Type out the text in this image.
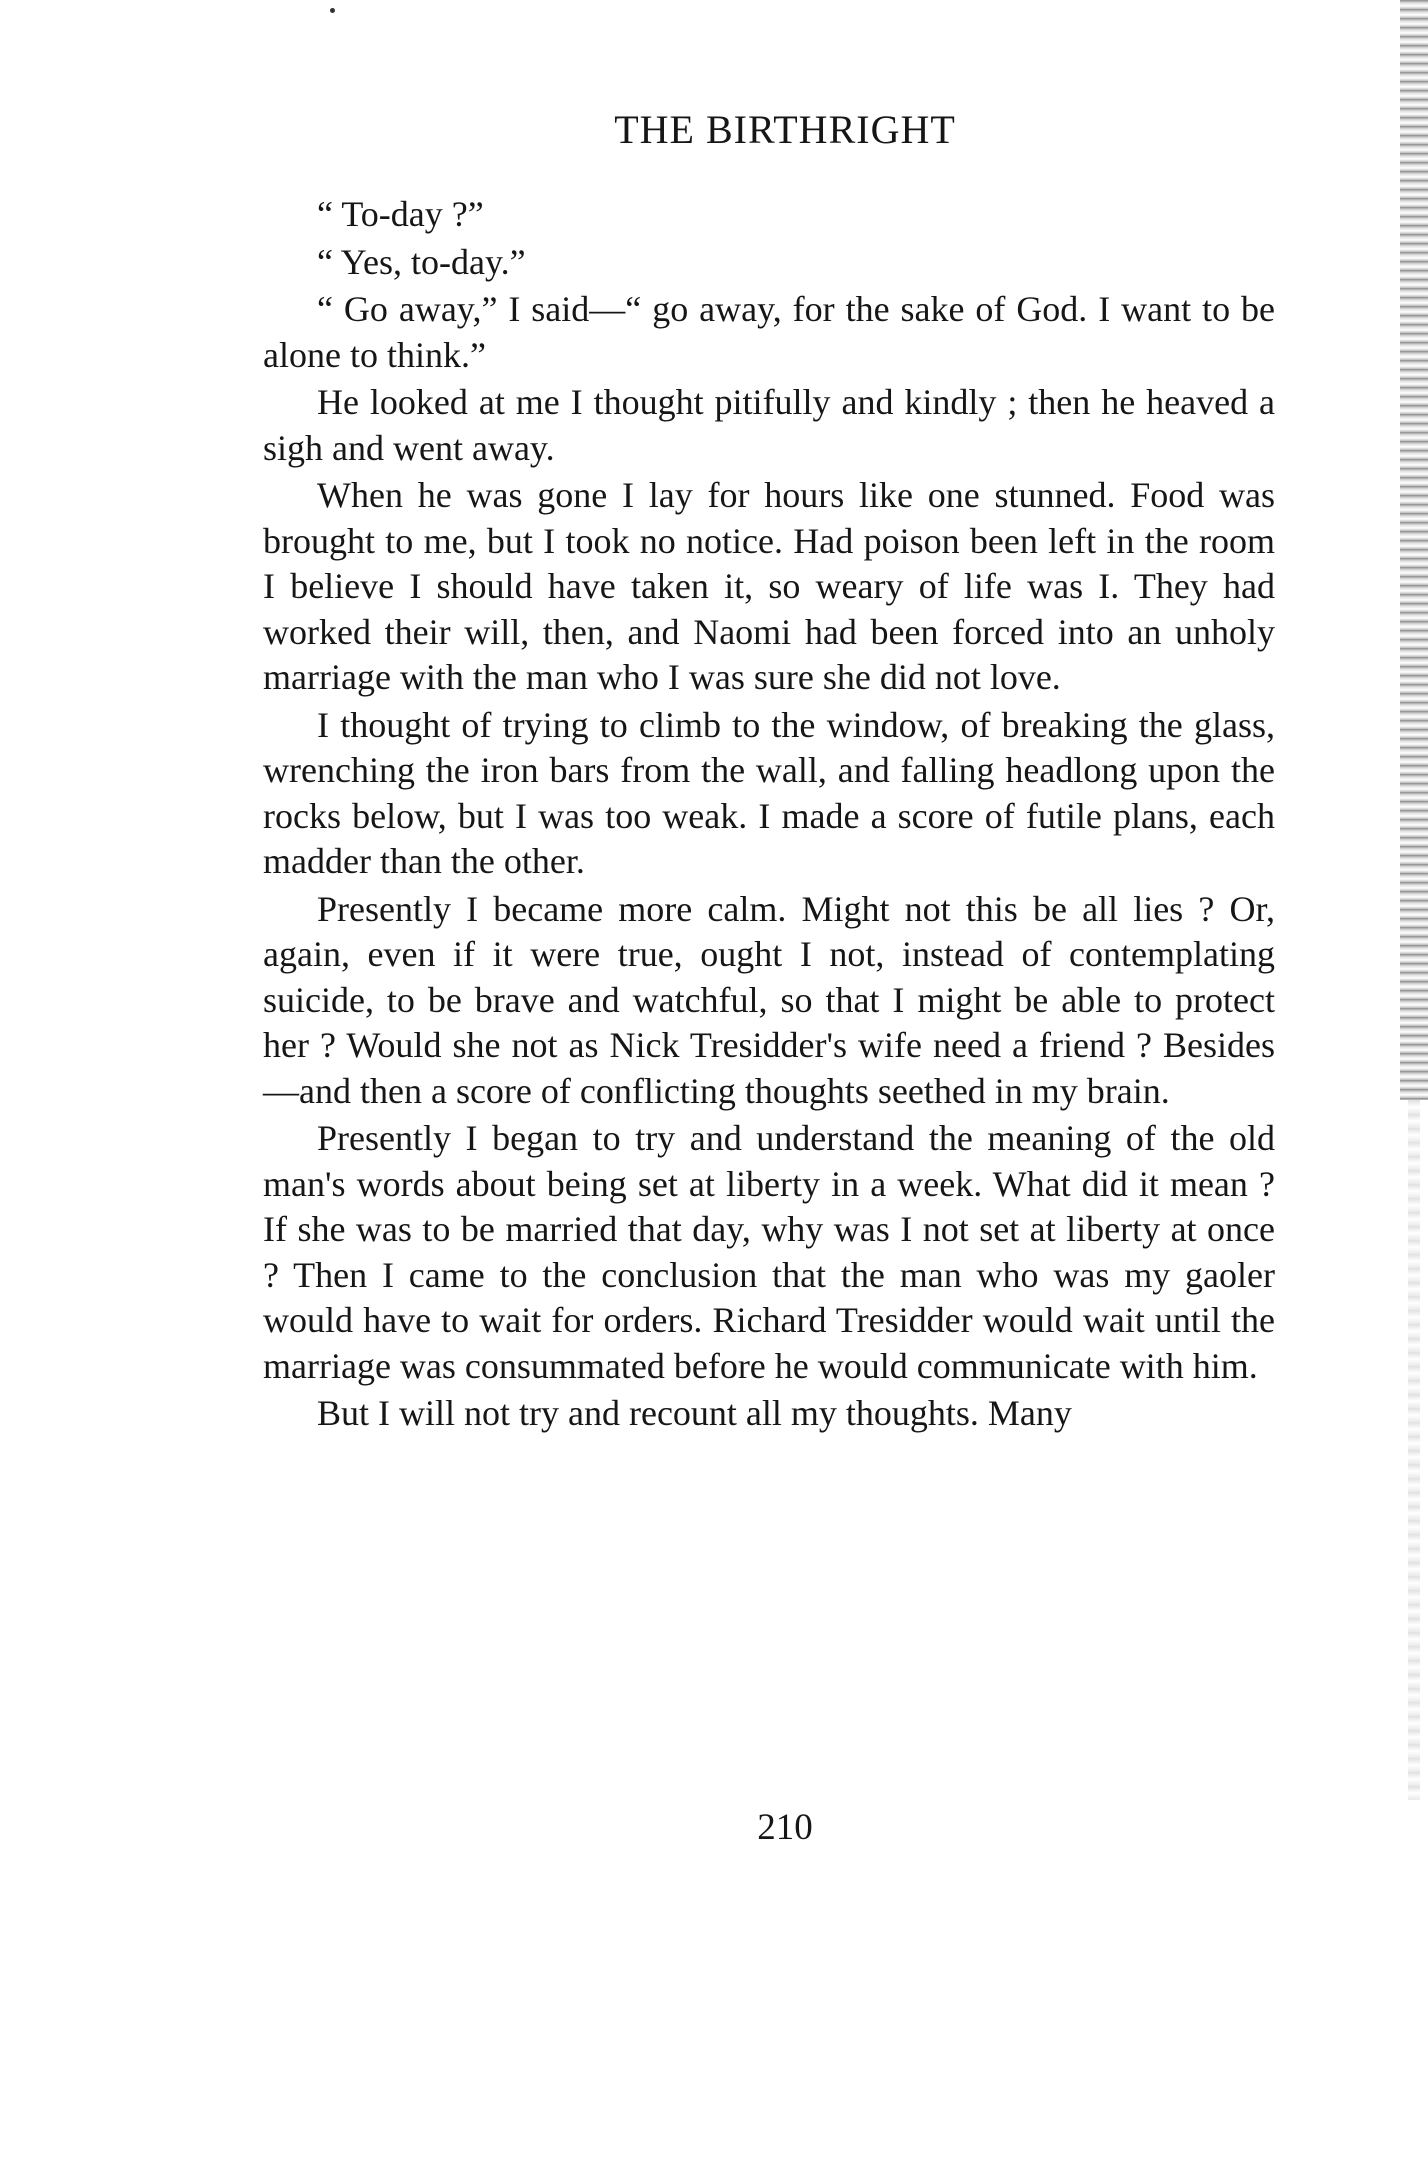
THE BIRTHRIGHT

“ To-day ?”

“ Yes, to-day.”

“ Go away,” I said—“ go away, for the sake of God. I want to be alone to think.”

He looked at me I thought pitifully and kindly ; then he heaved a sigh and went away.

When he was gone I lay for hours like one stunned. Food was brought to me, but I took no notice. Had poison been left in the room I believe I should have taken it, so weary of life was I. They had worked their will, then, and Naomi had been forced into an unholy marriage with the man who I was sure she did not love.

I thought of trying to climb to the window, of breaking the glass, wrenching the iron bars from the wall, and falling headlong upon the rocks below, but I was too weak. I made a score of futile plans, each madder than the other.

Presently I became more calm. Might not this be all lies ? Or, again, even if it were true, ought I not, instead of contemplating suicide, to be brave and watchful, so that I might be able to protect her ? Would she not as Nick Tresidder's wife need a friend ? Besides—and then a score of conflicting thoughts seethed in my brain.

Presently I began to try and understand the meaning of the old man's words about being set at liberty in a week. What did it mean ? If she was to be married that day, why was I not set at liberty at once ? Then I came to the conclusion that the man who was my gaoler would have to wait for orders. Richard Tresidder would wait until the marriage was consummated before he would communicate with him.

But I will not try and recount all my thoughts. Many

210
